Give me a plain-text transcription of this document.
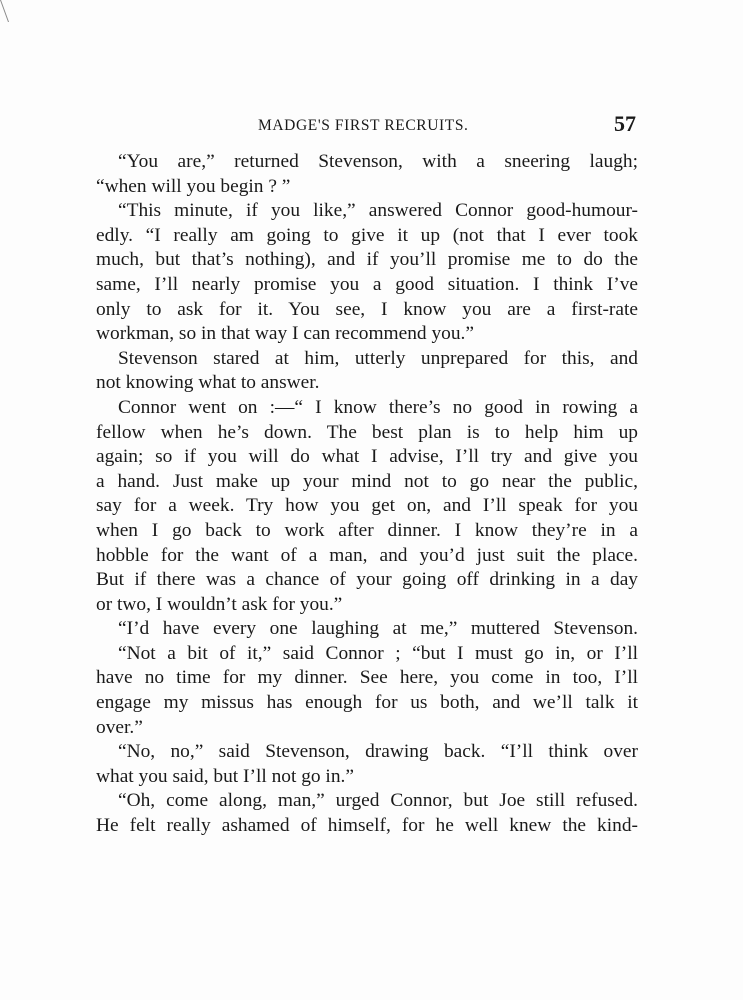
MADGE'S FIRST RECRUITS.	57
“You are,” returned Stevenson, with a sneering laugh;
“when will you begin ? ”
“This minute, if you like,” answered Connor good-humour-
edly. “I really am going to give it up (not that I ever took
much, but that’s nothing), and if you’ll promise me to do the
same, I’ll nearly promise you a good situation. I think I’ve
only to ask for it. You see, I know you are a first-rate
workman, so in that way I can recommend you.”
Stevenson stared at him, utterly unprepared for this, and
not knowing what to answer.
Connor went on :—“ I know there’s no good in rowing a
fellow when he’s down. The best plan is to help him up
again; so if you will do what I advise, I’ll try and give you
a hand. Just make up your mind not to go near the public,
say for a week. Try how you get on, and I’ll speak for you
when I go back to work after dinner. I know they’re in a
hobble for the want of a man, and you’d just suit the place.
But if there was a chance of your going off drinking in a day
or two, I wouldn’t ask for you.”
“I’d have every one laughing at me,” muttered Stevenson.
“Not a bit of it,” said Connor ; “but I must go in, or I’ll
have no time for my dinner. See here, you come in too, I’ll
engage my missus has enough for us both, and we’ll talk it
over.”
“No, no,” said Stevenson, drawing back. “I’ll think over
what you said, but I’ll not go in.”
“Oh, come along, man,” urged Connor, but Joe still refused.
He felt really ashamed of himself, for he well knew the kind-
